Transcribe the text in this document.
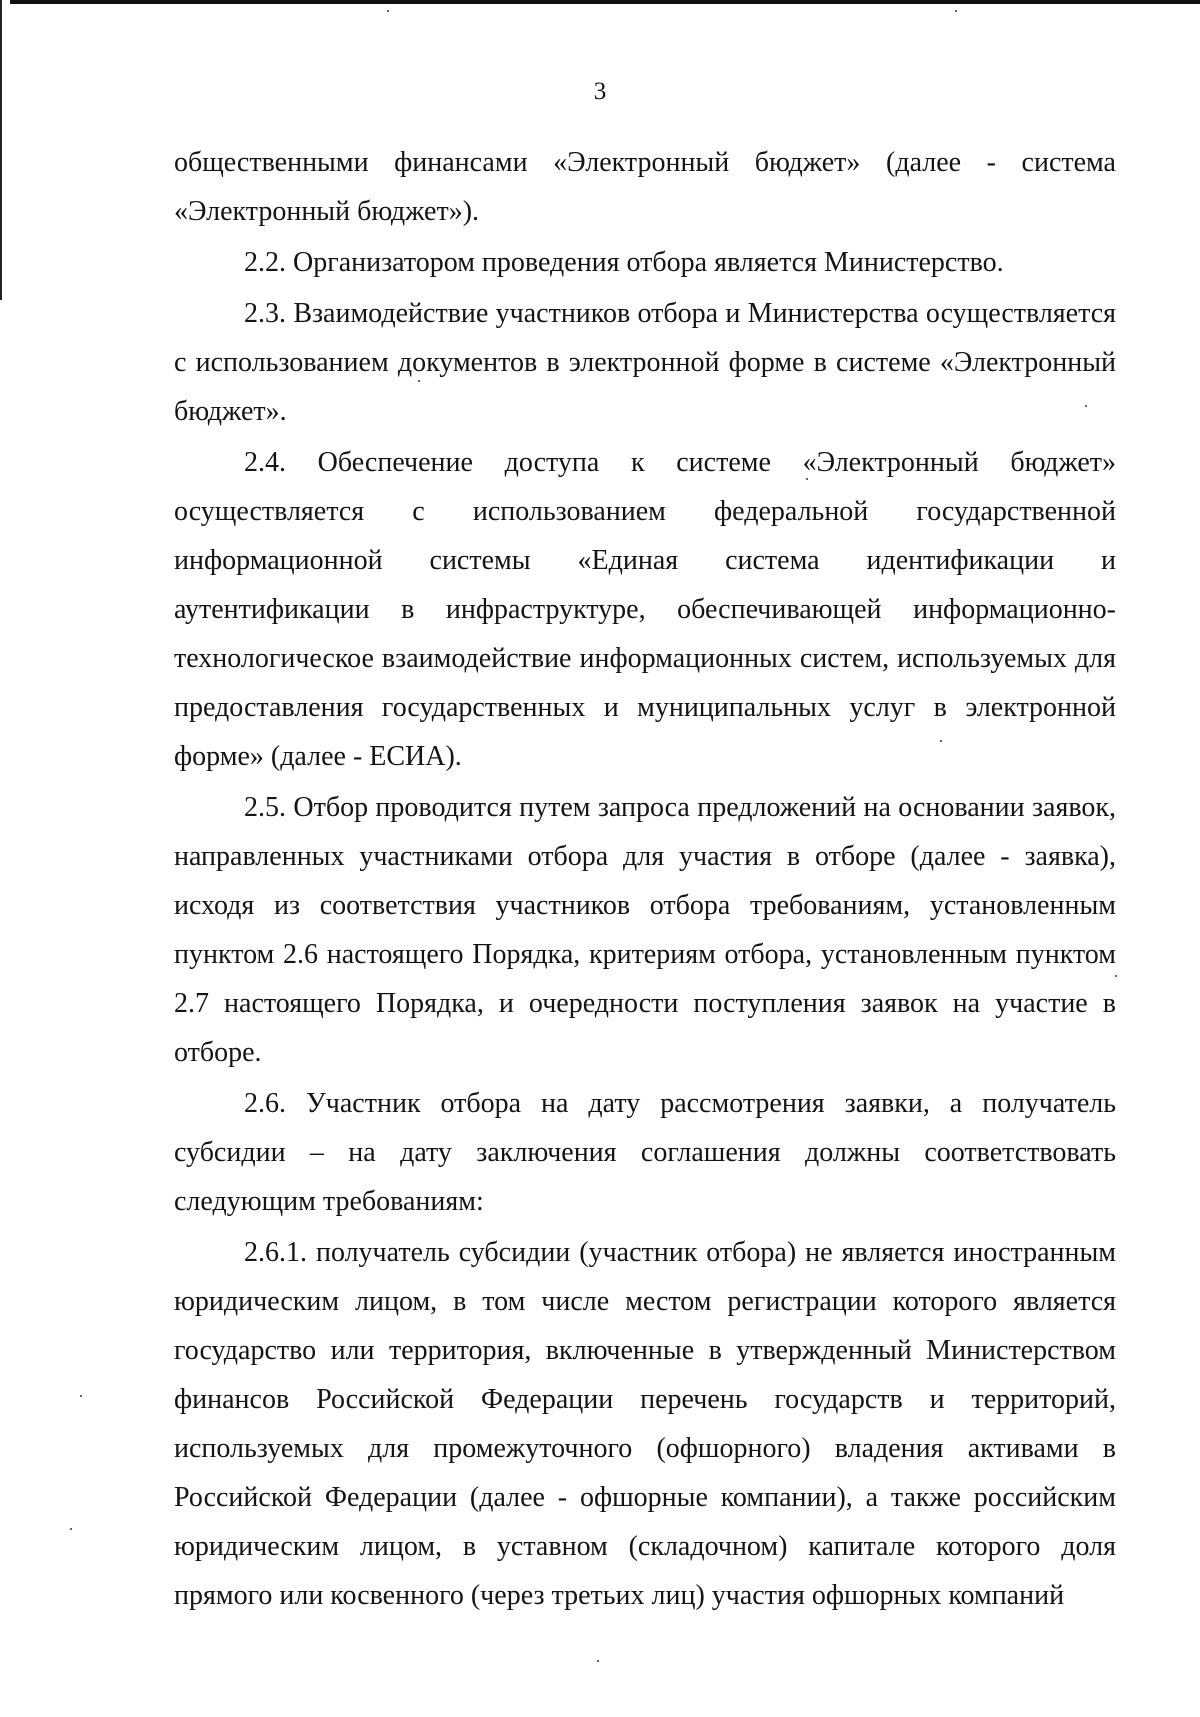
3

общественными финансами «Электронный бюджет» (далее - система «Электронный бюджет»).

2.2. Организатором проведения отбора является Министерство.

2.3. Взаимодействие участников отбора и Министерства осуществляется с использованием документов в электронной форме в системе «Электронный бюджет».

2.4. Обеспечение доступа к системе «Электронный бюджет» осуществляется с использованием федеральной государственной информационной системы «Единая система идентификации и аутентификации в инфраструктуре, обеспечивающей информационно-технологическое взаимодействие информационных систем, используемых для предоставления государственных и муниципальных услуг в электронной форме» (далее - ЕСИА).

2.5. Отбор проводится путем запроса предложений на основании заявок, направленных участниками отбора для участия в отборе (далее - заявка), исходя из соответствия участников отбора требованиям, установленным пунктом 2.6 настоящего Порядка, критериям отбора, установленным пунктом 2.7 настоящего Порядка, и очередности поступления заявок на участие в отборе.

2.6. Участник отбора на дату рассмотрения заявки, а получатель субсидии – на дату заключения соглашения должны соответствовать следующим требованиям:

2.6.1. получатель субсидии (участник отбора) не является иностранным юридическим лицом, в том числе местом регистрации которого является государство или территория, включенные в утвержденный Министерством финансов Российской Федерации перечень государств и территорий, используемых для промежуточного (офшорного) владения активами в Российской Федерации (далее - офшорные компании), а также российским юридическим лицом, в уставном (складочном) капитале которого доля прямого или косвенного (через третьих лиц) участия офшорных компаний
